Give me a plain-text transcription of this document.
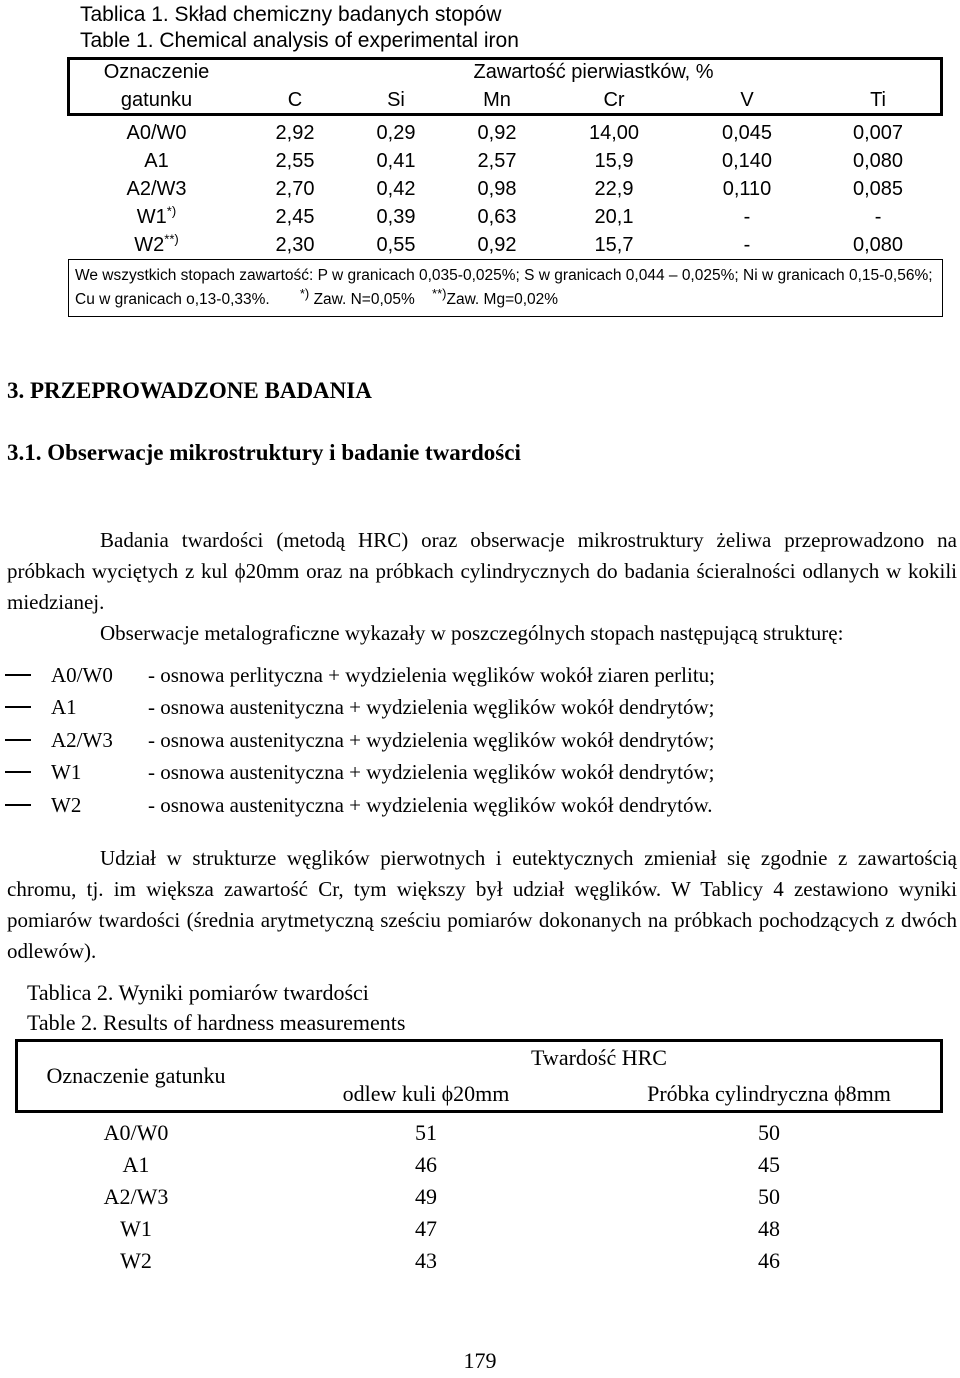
Tablica 1. Skład chemiczny badanych stopów
Table 1. Chemical analysis of experimental iron
Oznaczenie	Zawartość pierwiastków, %					
gatunku	C	Si	Mn	Cr	V	Ti

A0/W0	2,92	0,29	0,92	14,00	0,045	0,007
A1	2,55	0,41	2,57	15,9	0,140	0,080
A2/W3	2,70	0,42	0,98	22,9	0,110	0,085
W1*)	2,45	0,39	0,63	20,1	-	-
W2**)	2,30	0,55	0,92	15,7	-	0,080
We wszystkich stopach zawartość: P w granicach 0,035-0,025%; S w granicach 0,044 – 0,025%; Ni w granicach 0,15-0,56%; Cu w granicach o,13-0,33%. *) Zaw. N=0,05% **)Zaw. Mg=0,02%						
3. PRZEPROWADZONE BADANIA
3.1. Obserwacje mikrostruktury i badanie twardości

Badania twardości (metodą HRC) oraz obserwacje mikrostruktury żeliwa przeprowadzono na próbkach wyciętych z kul ϕ20mm oraz na próbkach cylindrycznych do badania ścieralności odlanych w kokili miedzianej.

Obserwacje metalograficzne wykazały w poszczególnych stopach następującą strukturę:

A0/W0 - osnowa perlityczna + wydzielenia węglików wokół ziaren perlitu;
A1	- osnowa austenityczna + wydzielenia węglików wokół dendrytów;
A2/W3 - osnowa austenityczna + wydzielenia węglików wokół dendrytów;
W1	- osnowa austenityczna + wydzielenia węglików wokół dendrytów;
W2	- osnowa austenityczna + wydzielenia węglików wokół dendrytów.

Udział w strukturze węglików pierwotnych i eutektycznych zmieniał się zgodnie z zawartością chromu, tj. im większa zawartość Cr, tym większy był udział węglików. W Tablicy 4 zestawiono wyniki pomiarów twardości (średnia arytmetyczną sześciu pomiarów dokonanych na próbkach pochodzących z dwóch odlewów).

Tablica 2. Wyniki pomiarów twardości
Table 2. Results of hardness measurements
Oznaczenie gatunku	Twardość HRC	
	odlew kuli ϕ20mm	Próbka cylindryczna ϕ8mm

A0/W0	51	50
A1	46	45
A2/W3	49	50
W1	47	48
W2	43	46
179
